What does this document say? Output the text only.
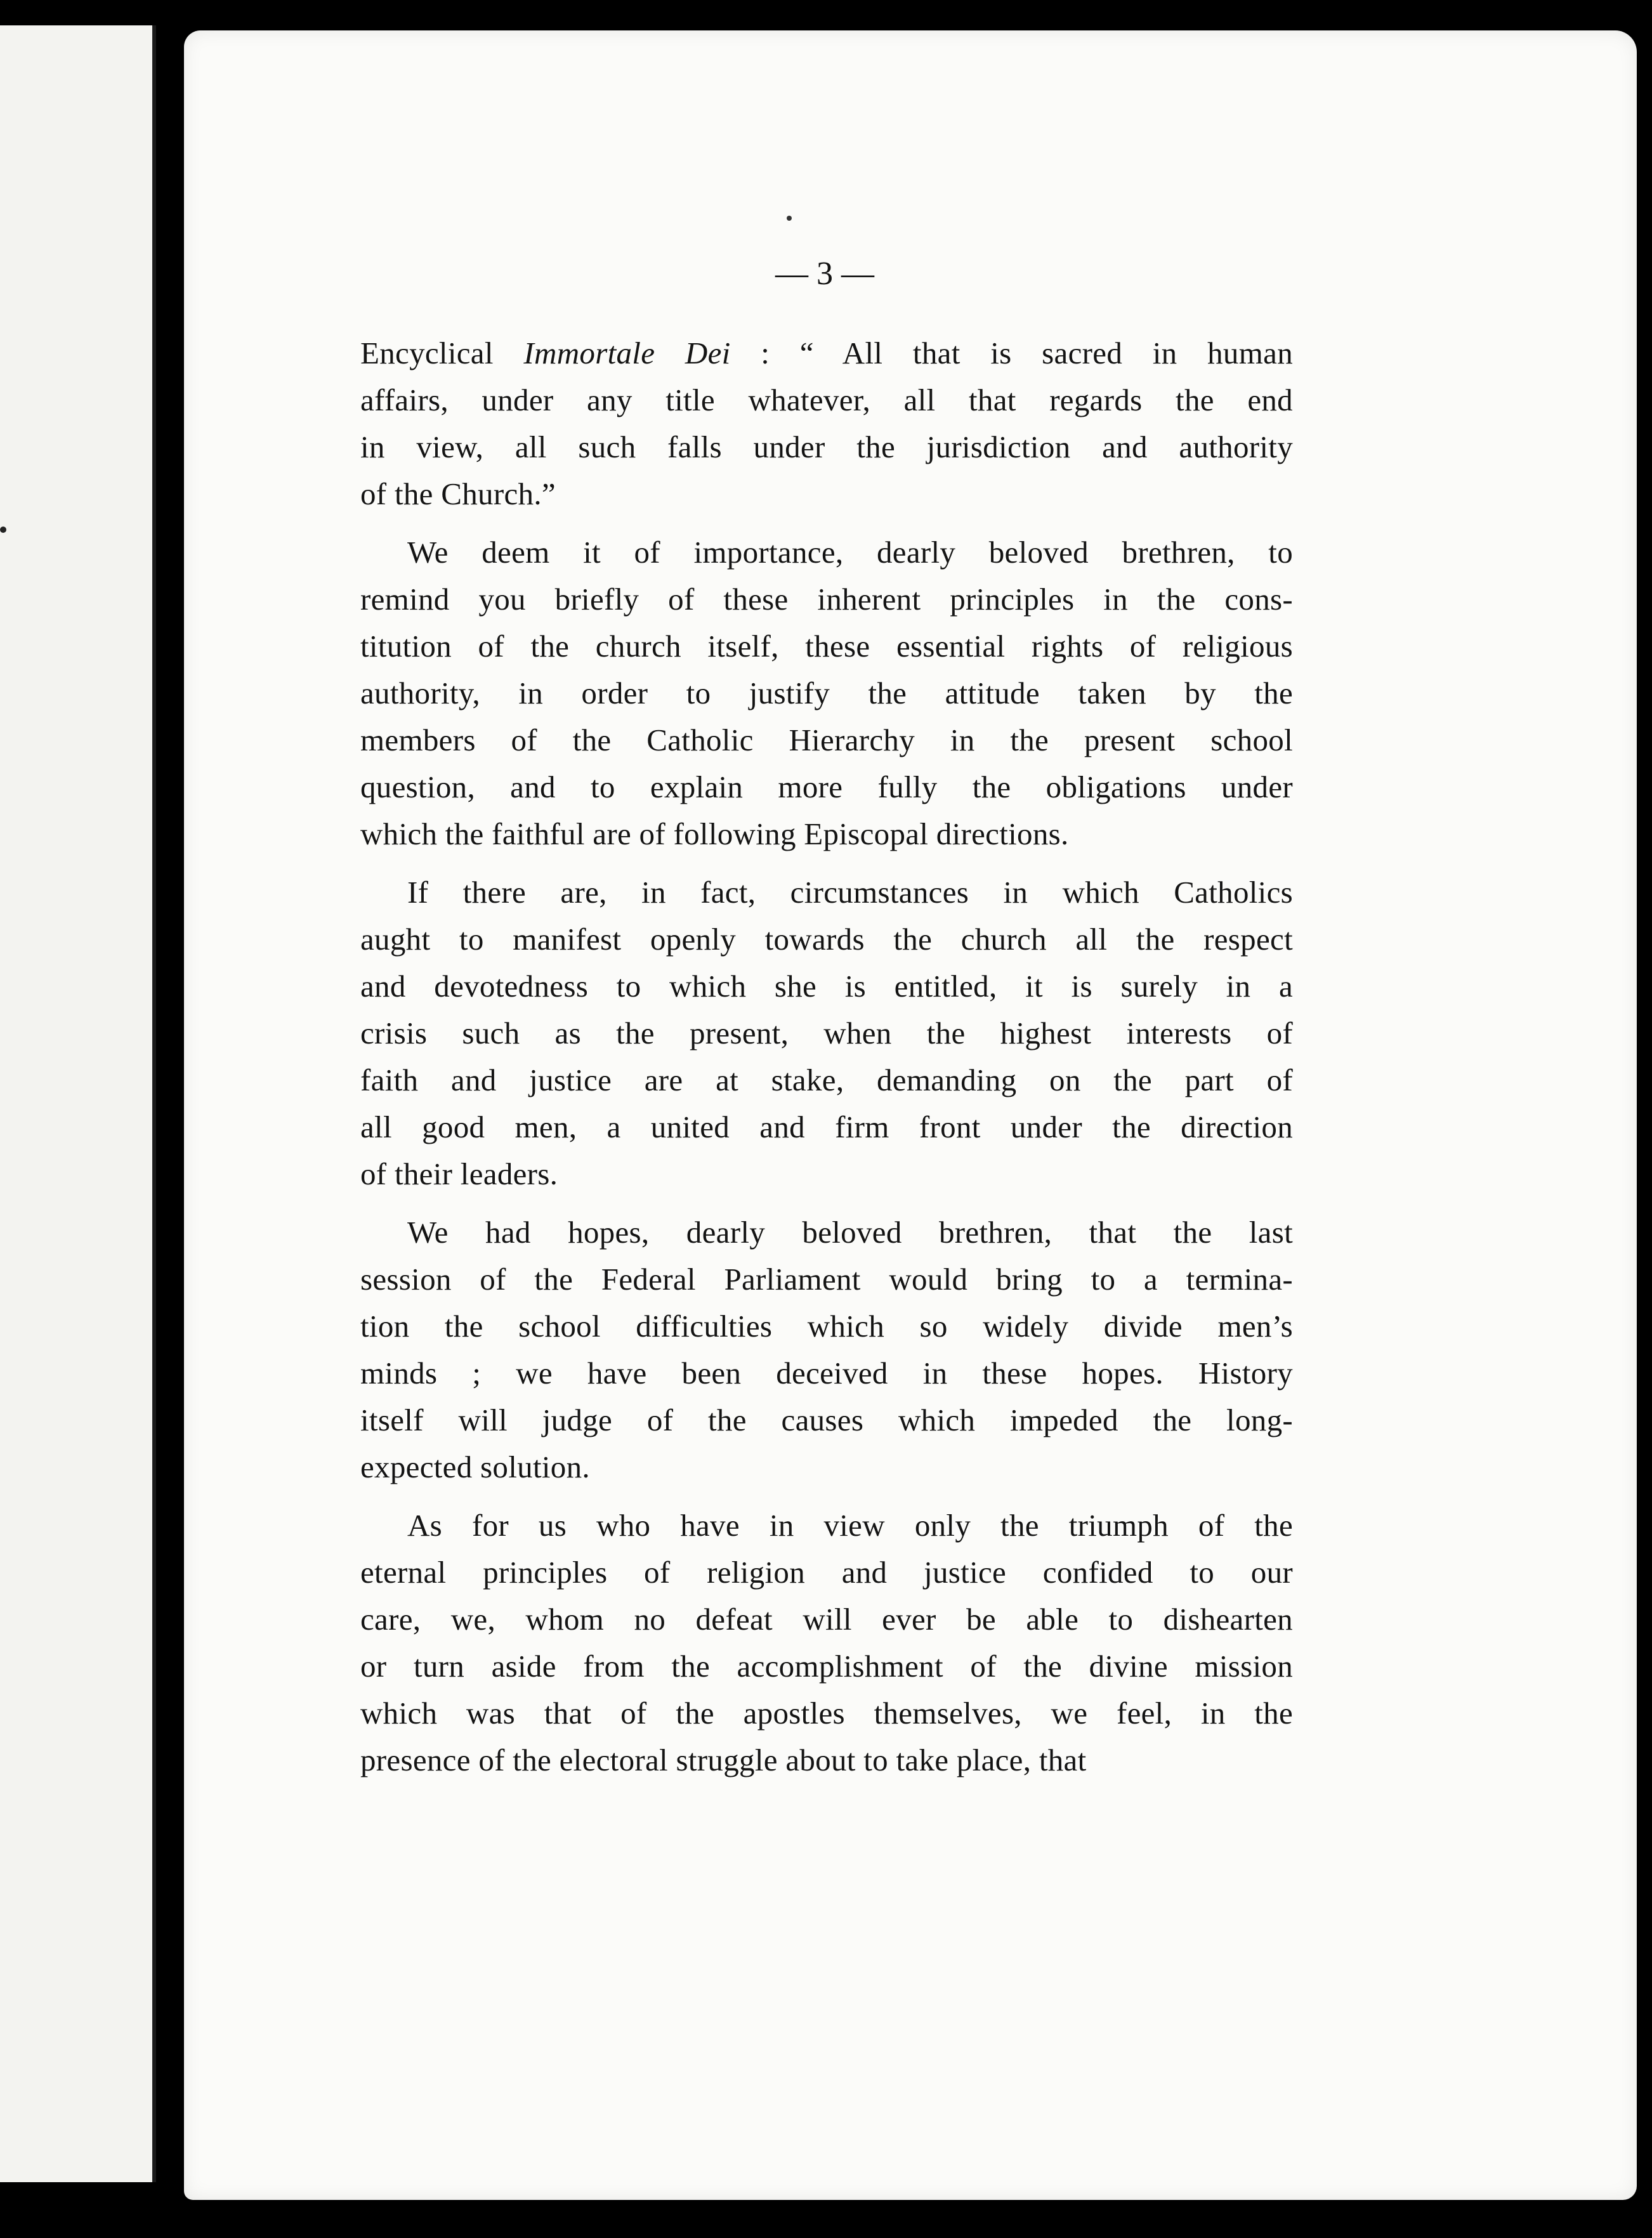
— 3 —
Encyclical Immortale Dei : “ All that is sacred in human
affairs, under any title whatever, all that regards the end
in view, all such falls under the jurisdiction and authority
of the Church.”
We deem it of importance, dearly beloved brethren, to
remind you briefly of these inherent principles in the cons-
titution of the church itself, these essential rights of religious
authority, in order to justify the attitude taken by the
members of the Catholic Hierarchy in the present school
question, and to explain more fully the obligations under
which the faithful are of following Episcopal directions.
If there are, in fact, circumstances in which Catholics
aught to manifest openly towards the church all the respect
and devotedness to which she is entitled, it is surely in a
crisis such as the present, when the highest interests of
faith and justice are at stake, demanding on the part of
all good men, a united and firm front under the direction
of their leaders.
We had hopes, dearly beloved brethren, that the last
session of the Federal Parliament would bring to a termina-
tion the school difficulties which so widely divide men’s
minds ; we have been deceived in these hopes. History
itself will judge of the causes which impeded the long-
expected solution.
As for us who have in view only the triumph of the
eternal principles of religion and justice confided to our
care, we, whom no defeat will ever be able to dishearten
or turn aside from the accomplishment of the divine mission
which was that of the apostles themselves, we feel, in the
presence of the electoral struggle about to take place, that
